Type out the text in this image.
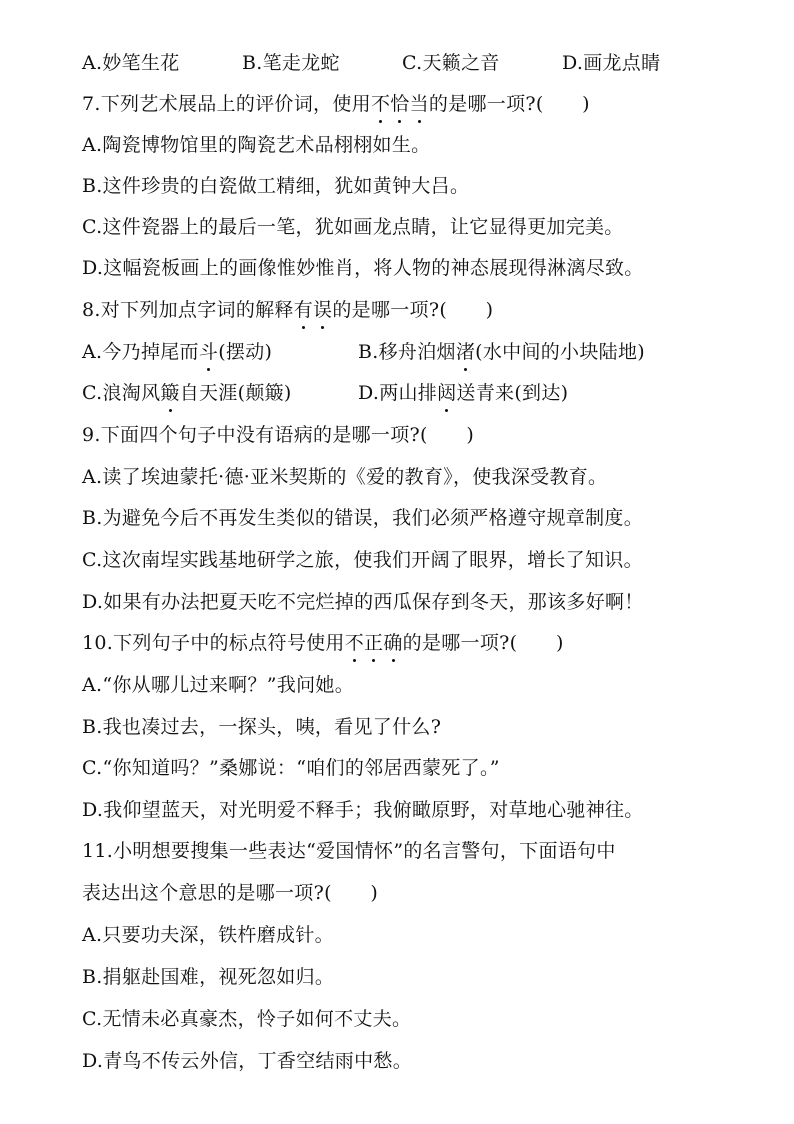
A.妙笔生花	B.笔走龙蛇	C.天籁之音	D.画龙点睛
7.下列艺术展品上的评价词，使用不恰当的是哪一项?(　　)
A.陶瓷博物馆里的陶瓷艺术品栩栩如生。
B.这件珍贵的白瓷做工精细，犹如黄钟大吕。
C.这件瓷器上的最后一笔，犹如画龙点睛，让它显得更加完美。
D.这幅瓷板画上的画像惟妙惟肖，将人物的神态展现得淋漓尽致。
8.对下列加点字词的解释有误的是哪一项?(　　)
A.今乃掉尾而斗(摆动)	B.移舟泊烟渚(水中间的小块陆地)
C.浪淘风簸自天涯(颠簸)	D.两山排闼送青来(到达)
9.下面四个句子中没有语病的是哪一项?(　　)
A.读了埃迪蒙托·德·亚米契斯的《爱的教育》，使我深受教育。
B.为避免今后不再发生类似的错误，我们必须严格遵守规章制度。
C.这次南埕实践基地研学之旅，使我们开阔了眼界，增长了知识。
D.如果有办法把夏天吃不完烂掉的西瓜保存到冬天，那该多好啊！
10.下列句子中的标点符号使用不正确的是哪一项?(　　)
A.“你从哪儿过来啊？”我问她。
B.我也凑过去，一探头，咦，看见了什么?
C.“你知道吗？”桑娜说：“咱们的邻居西蒙死了。”
D.我仰望蓝天，对光明爱不释手；我俯瞰原野，对草地心驰神往。
11.小明想要搜集一些表达“爱国情怀”的名言警句，下面语句中
表达出这个意思的是哪一项?(　　)
A.只要功夫深，铁杵磨成针。
B.捐躯赴国难，视死忽如归。
C.无情未必真豪杰，怜子如何不丈夫。
D.青鸟不传云外信，丁香空结雨中愁。
